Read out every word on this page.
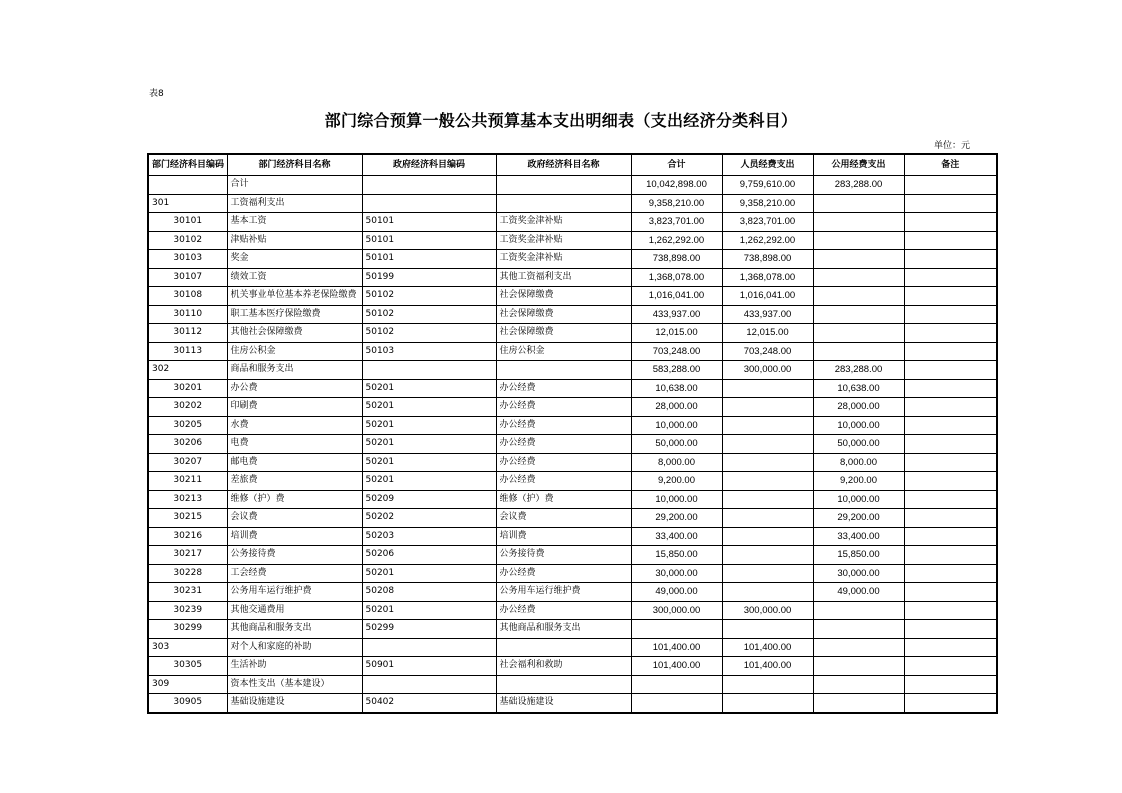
表8
部门综合预算一般公共预算基本支出明细表（支出经济分类科目）
单位：元
部门经济科目编码	部门经济科目名称	政府经济科目编码	政府经济科目名称	合计	人员经费支出	公用经费支出	备注
	合计			10,042,898.00	9,759,610.00	283,288.00	
301	工资福利支出			9,358,210.00	9,358,210.00		
30101	基本工资	50101	工资奖金津补贴	3,823,701.00	3,823,701.00		
30102	津贴补贴	50101	工资奖金津补贴	1,262,292.00	1,262,292.00		
30103	奖金	50101	工资奖金津补贴	738,898.00	738,898.00		
30107	绩效工资	50199	其他工资福利支出	1,368,078.00	1,368,078.00		
30108	机关事业单位基本养老保险缴费	50102	社会保障缴费	1,016,041.00	1,016,041.00		
30110	职工基本医疗保险缴费	50102	社会保障缴费	433,937.00	433,937.00		
30112	其他社会保障缴费	50102	社会保障缴费	12,015.00	12,015.00		
30113	住房公积金	50103	住房公积金	703,248.00	703,248.00		
302	商品和服务支出			583,288.00	300,000.00	283,288.00	
30201	办公费	50201	办公经费	10,638.00		10,638.00	
30202	印刷费	50201	办公经费	28,000.00		28,000.00	
30205	水费	50201	办公经费	10,000.00		10,000.00	
30206	电费	50201	办公经费	50,000.00		50,000.00	
30207	邮电费	50201	办公经费	8,000.00		8,000.00	
30211	差旅费	50201	办公经费	9,200.00		9,200.00	
30213	维修（护）费	50209	维修（护）费	10,000.00		10,000.00	
30215	会议费	50202	会议费	29,200.00		29,200.00	
30216	培训费	50203	培训费	33,400.00		33,400.00	
30217	公务接待费	50206	公务接待费	15,850.00		15,850.00	
30228	工会经费	50201	办公经费	30,000.00		30,000.00	
30231	公务用车运行维护费	50208	公务用车运行维护费	49,000.00		49,000.00	
30239	其他交通费用	50201	办公经费	300,000.00	300,000.00		
30299	其他商品和服务支出	50299	其他商品和服务支出				
303	对个人和家庭的补助			101,400.00	101,400.00		
30305	生活补助	50901	社会福利和救助	101,400.00	101,400.00		
309	资本性支出（基本建设）						
30905	基础设施建设	50402	基础设施建设				
